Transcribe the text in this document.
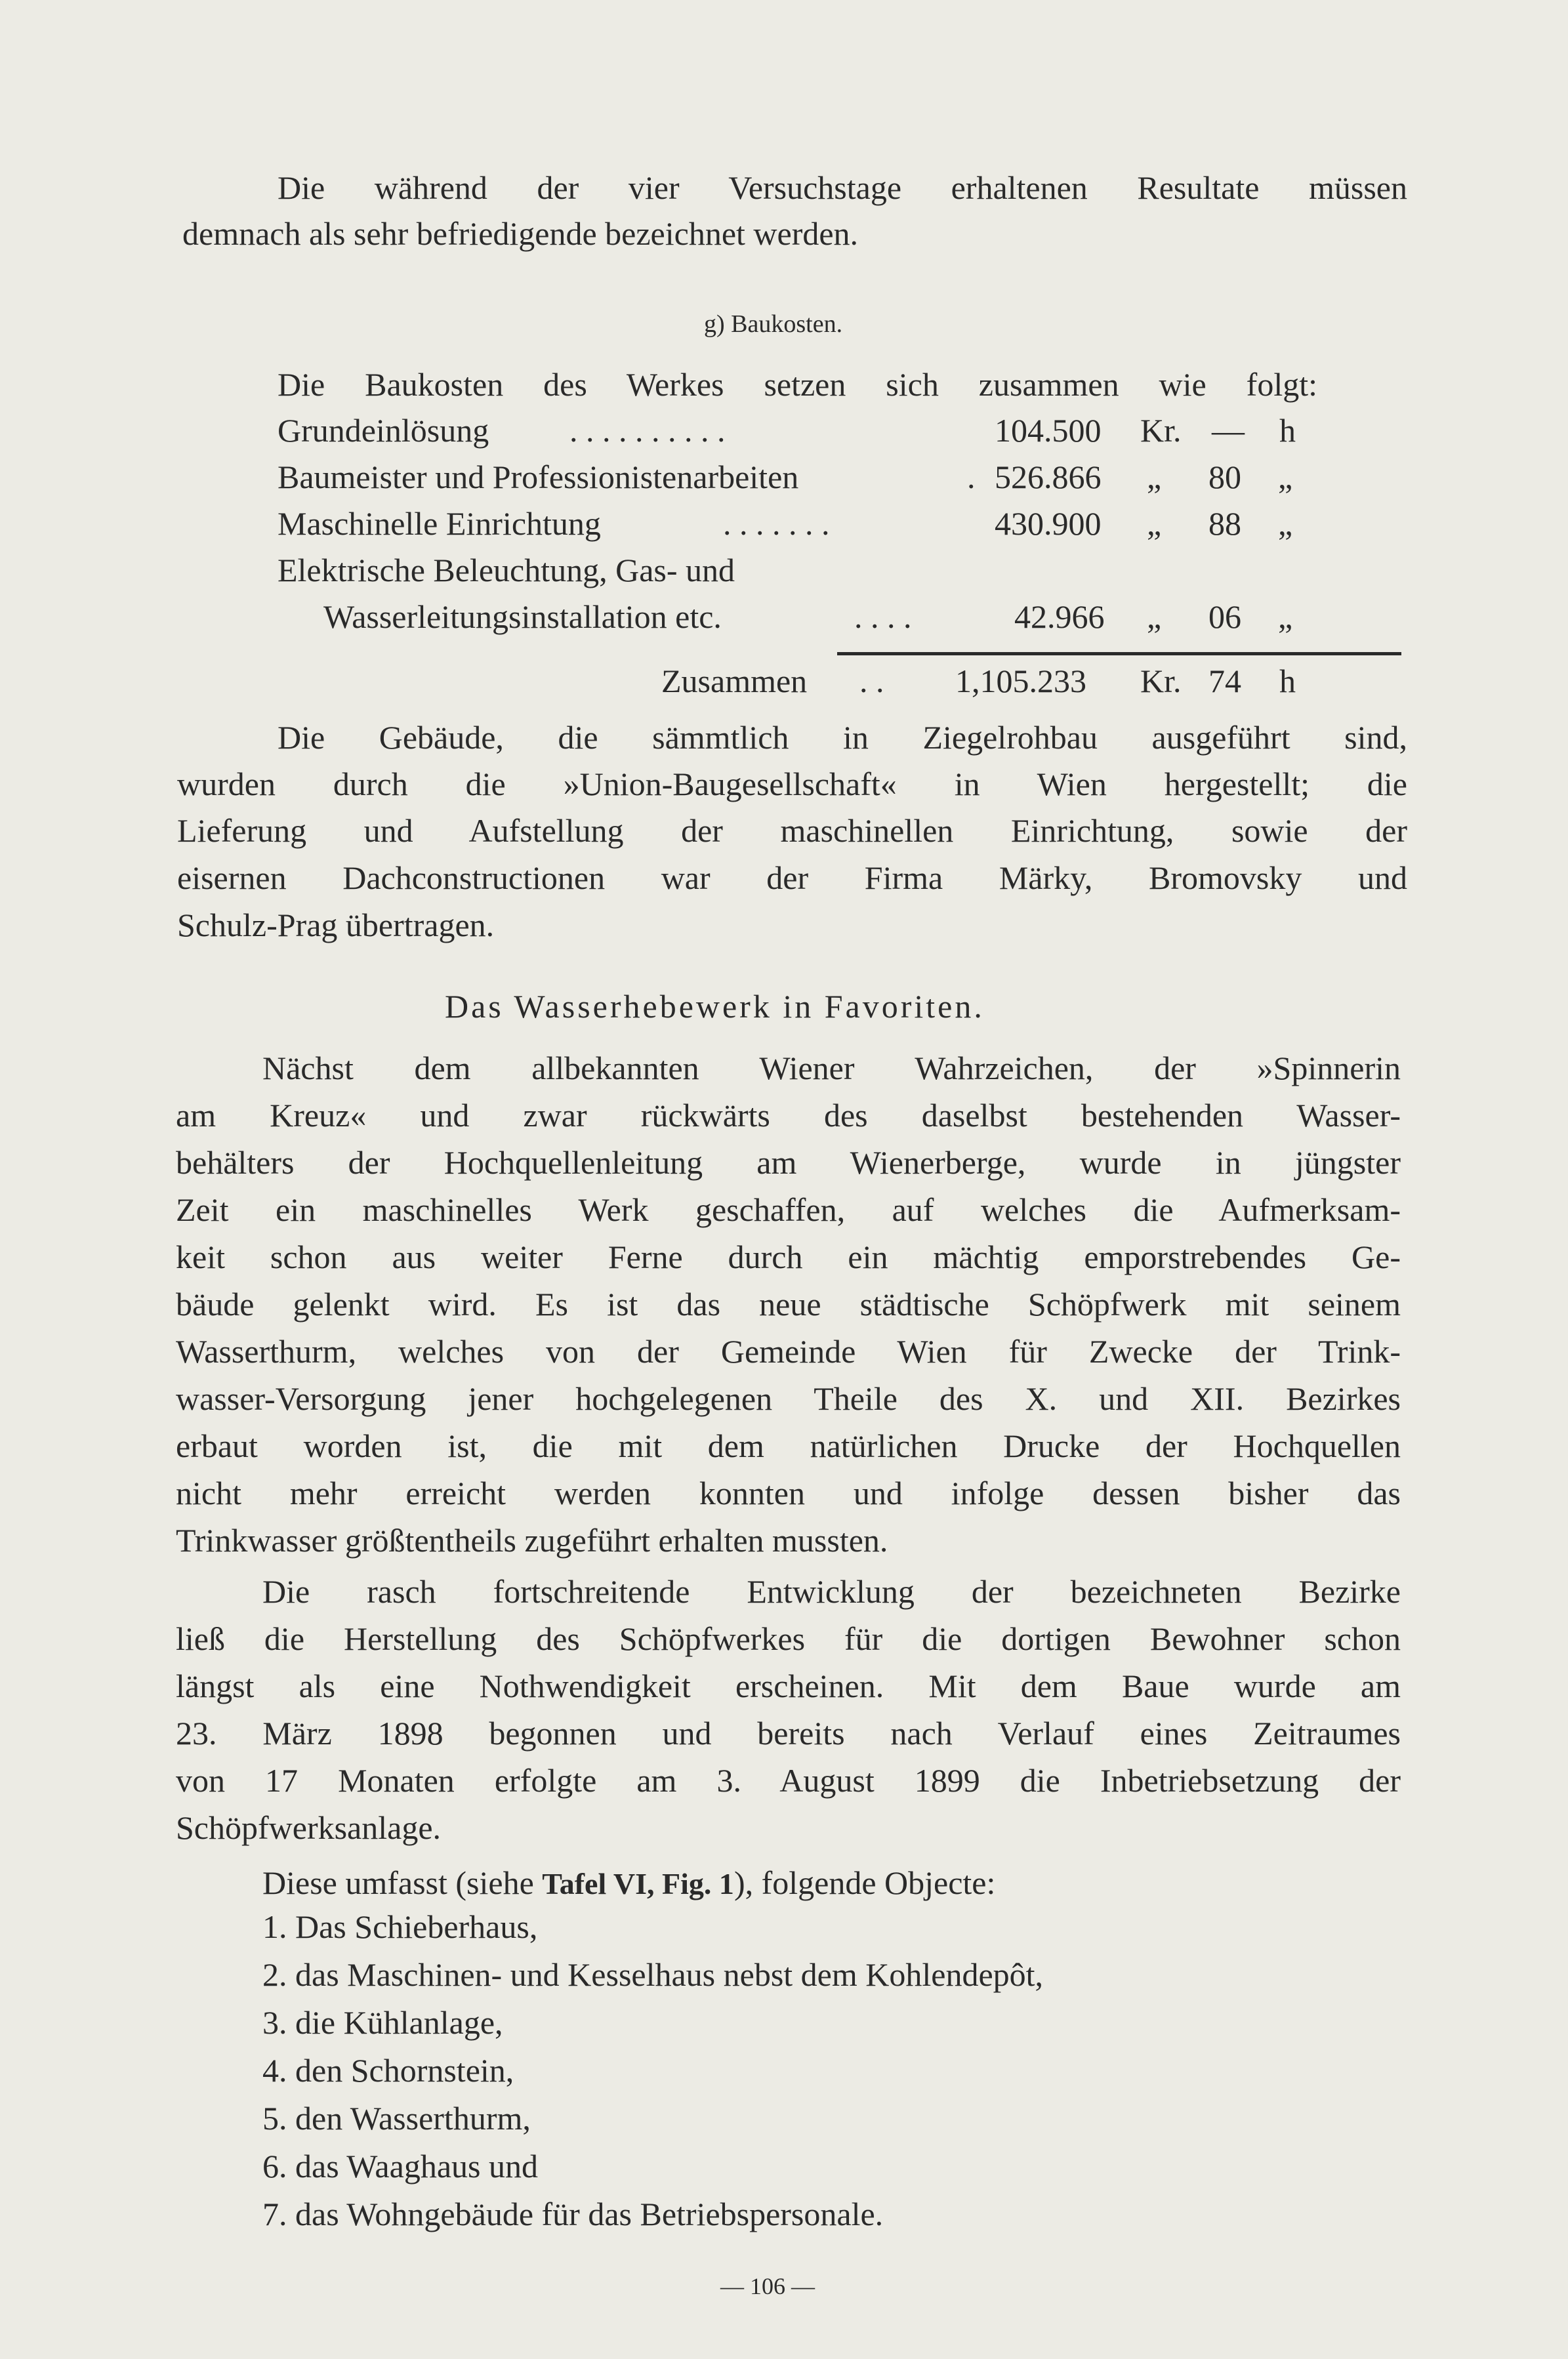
Die während der vier Versuchstage erhaltenen Resultate müssen
demnach als sehr befriedigende bezeichnet werden.
g) Baukosten.
Die Baukosten des Werkes setzen sich zusammen wie folgt:
Grundeinlösung . . . . . . . . . .	104.500 Kr. — h
Baumeister und Professionistenarbeiten	. 526.866 „ 80 „
Maschinelle Einrichtung	. . . . . . .	430.900 „ 88 „
Elektrische Beleuchtung, Gas- und
Wasserleitungsinstallation etc.	. . . .	42.966 „ 06 „
Zusammen . . 1,105.233 Kr. 74 h
Die Gebäude, die sämmtlich in Ziegelrohbau ausgeführt sind,
wurden durch die »Union-Baugesellschaft« in Wien hergestellt; die
Lieferung und Aufstellung der maschinellen Einrichtung, sowie der
eisernen Dachconstructionen war der Firma Märky, Bromovsky und
Schulz-Prag übertragen.
Das Wasserhebewerk in Favoriten.
Nächst dem allbekannten Wiener Wahrzeichen, der »Spinnerin
am Kreuz« und zwar rückwärts des daselbst bestehenden Wasser-
behälters der Hochquellenleitung am Wienerberge, wurde in jüngster
Zeit ein maschinelles Werk geschaffen, auf welches die Aufmerksam-
keit schon aus weiter Ferne durch ein mächtig emporstrebendes Ge-
bäude gelenkt wird. Es ist das neue städtische Schöpfwerk mit seinem
Wasserthurm, welches von der Gemeinde Wien für Zwecke der Trink-
wasser-Versorgung jener hochgelegenen Theile des X. und XII. Bezirkes
erbaut worden ist, die mit dem natürlichen Drucke der Hochquellen
nicht mehr erreicht werden konnten und infolge dessen bisher das
Trinkwasser größtentheils zugeführt erhalten mussten.
Die rasch fortschreitende Entwicklung der bezeichneten Bezirke
ließ die Herstellung des Schöpfwerkes für die dortigen Bewohner schon
längst als eine Nothwendigkeit erscheinen. Mit dem Baue wurde am
23. März 1898 begonnen und bereits nach Verlauf eines Zeitraumes
von 17 Monaten erfolgte am 3. August 1899 die Inbetriebsetzung der
Schöpfwerksanlage.
Diese umfasst (siehe Tafel VI, Fig. 1), folgende Objecte:
1. Das Schieberhaus,
2. das Maschinen- und Kesselhaus nebst dem Kohlendepôt,
3. die Kühlanlage,
4. den Schornstein,
5. den Wasserthurm,
6. das Waaghaus und
7. das Wohngebäude für das Betriebspersonale.
— 106 —
